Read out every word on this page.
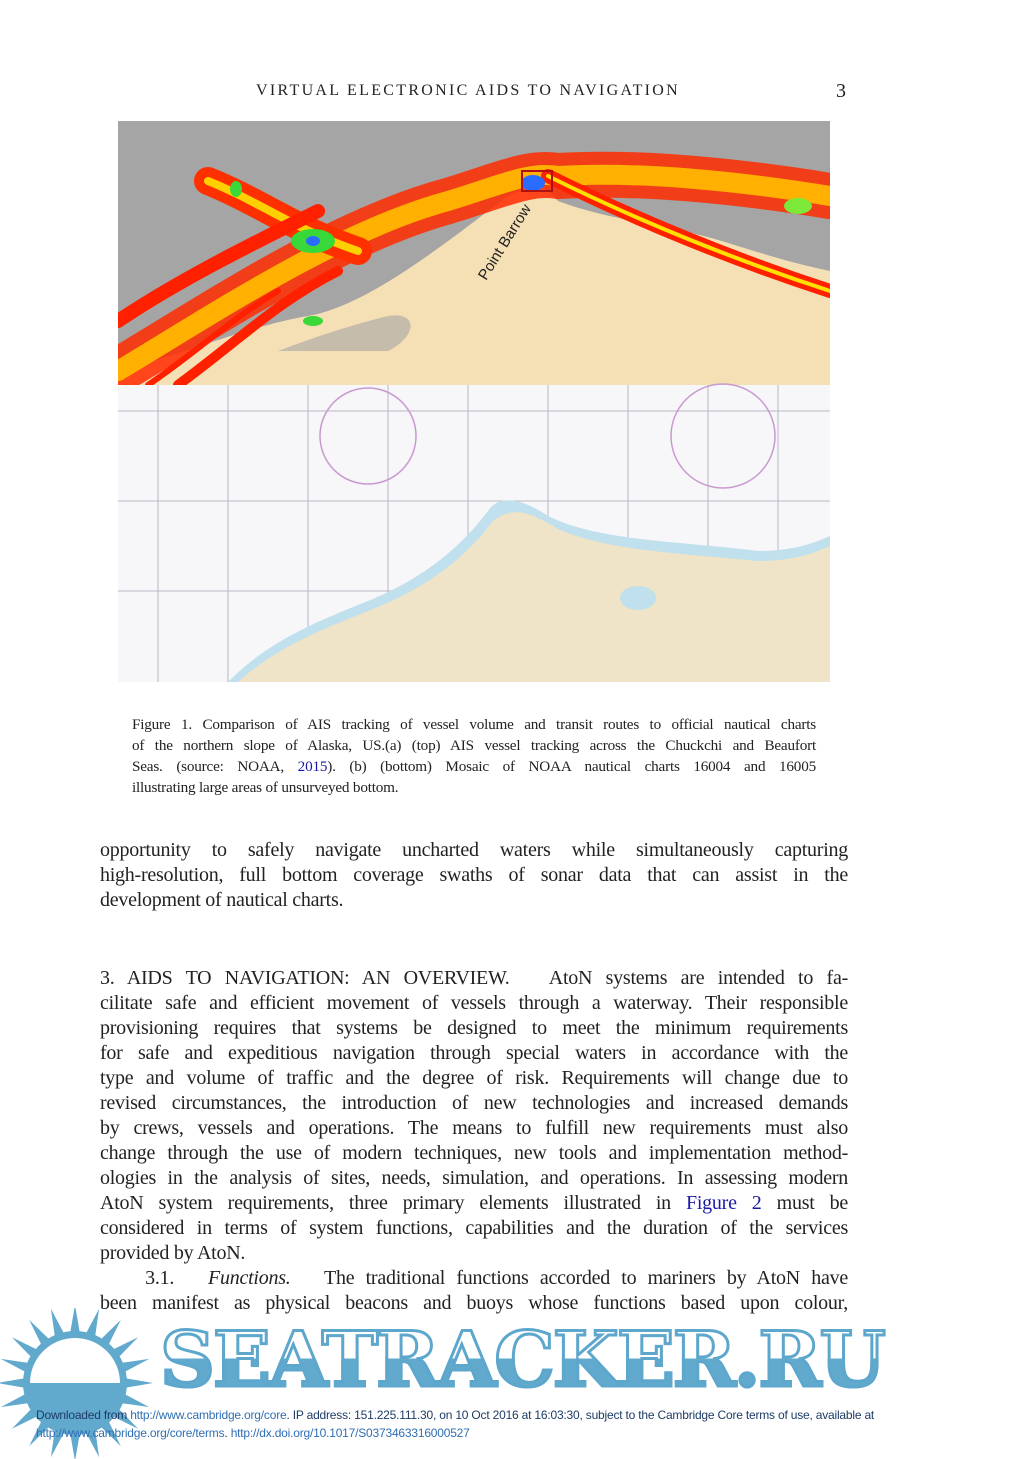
VIRTUAL ELECTRONIC AIDS TO NAVIGATION	3
Point Barrow
Figure 1. Comparison of AIS tracking of vessel volume and transit routes to official nautical charts
of the northern slope of Alaska, US.(a) (top) AIS vessel tracking across the Chuckchi and Beaufort
Seas. (source: NOAA, 2015). (b) (bottom) Mosaic of NOAA nautical charts 16004 and 16005
illustrating large areas of unsurveyed bottom.
opportunity to safely navigate uncharted waters while simultaneously capturing
high-resolution, full bottom coverage swaths of sonar data that can assist in the
development of nautical charts.
3. AIDS TO NAVIGATION: AN OVERVIEW. AtoN systems are intended to fa-
cilitate safe and efficient movement of vessels through a waterway. Their responsible
provisioning requires that systems be designed to meet the minimum requirements
for safe and expeditious navigation through special waters in accordance with the
type and volume of traffic and the degree of risk. Requirements will change due to
revised circumstances, the introduction of new technologies and increased demands
by crews, vessels and operations. The means to fulfill new requirements must also
change through the use of modern techniques, new tools and implementation method-
ologies in the analysis of sites, needs, simulation, and operations. In assessing modern
AtoN system requirements, three primary elements illustrated in Figure 2 must be
considered in terms of system functions, capabilities and the duration of the services
provided by AtoN.
3.1. Functions. The traditional functions accorded to mariners by AtoN have
been manifest as physical beacons and buoys whose functions based upon colour,
SEATRACKER.RU
Downloaded from http://www.cambridge.org/core. IP address: 151.225.111.30, on 10 Oct 2016 at 16:03:30, subject to the Cambridge Core terms of use, available at
http://www.cambridge.org/core/terms. http://dx.doi.org/10.1017/S0373463316000527
